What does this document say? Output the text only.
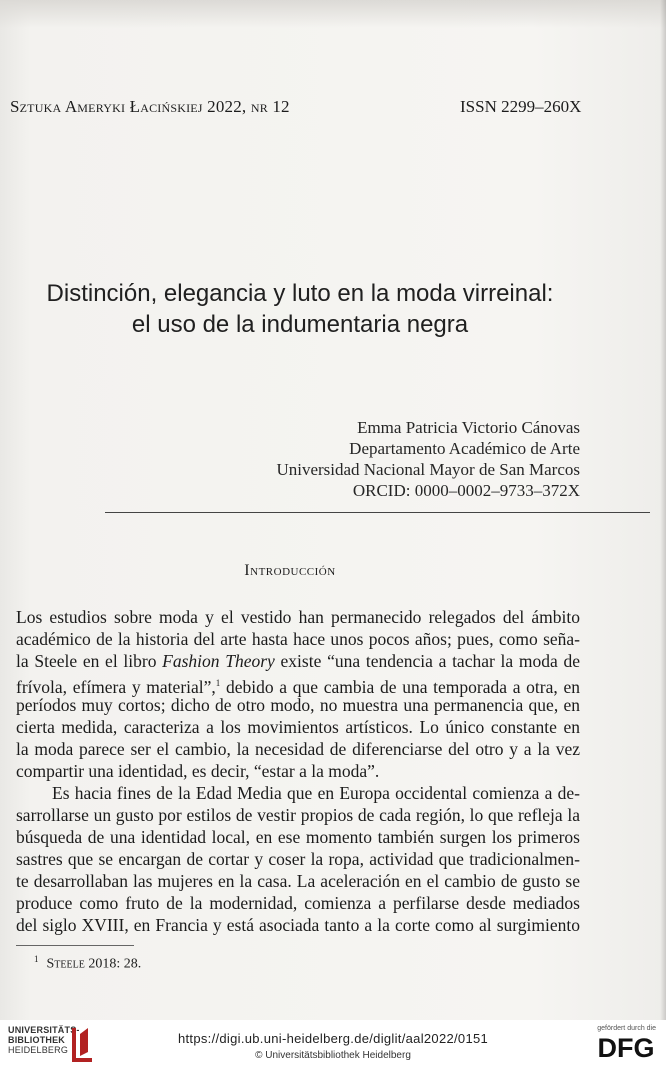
Sztuka Ameryki Łacińskiej 2022, nr 12	ISSN 2299–260X
Distinción, elegancia y luto en la moda virreinal:
el uso de la indumentaria negra
Emma Patricia Victorio Cánovas
Departamento Académico de Arte
Universidad Nacional Mayor de San Marcos
ORCID: 0000–0002–9733–372X
Introducción
Los estudios sobre moda y el vestido han permanecido relegados del ámbito
académico de la historia del arte hasta hace unos pocos años; pues, como seña-
la Steele en el libro Fashion Theory existe “una tendencia a tachar la moda de
frívola, efímera y material”,$^1$ debido a que cambia de una temporada a otra, en
períodos muy cortos; dicho de otro modo, no muestra una permanencia que, en
cierta medida, caracteriza a los movimientos artísticos. Lo único constante en
la moda parece ser el cambio, la necesidad de diferenciarse del otro y a la vez
compartir una identidad, es decir, “estar a la moda”.
Es hacia fines de la Edad Media que en Europa occidental comienza a de-
sarrollarse un gusto por estilos de vestir propios de cada región, lo que refleja la
búsqueda de una identidad local, en ese momento también surgen los primeros
sastres que se encargan de cortar y coser la ropa, actividad que tradicionalmen-
te desarrollaban las mujeres en la casa. La aceleración en el cambio de gusto se
produce como fruto de la modernidad, comienza a perfilarse desde mediados
del siglo XVIII, en Francia y está asociada tanto a la corte como al surgimiento
$^1$ Steele 2018: 28.
UNIVERSITÄTS-
BIBLIOTHEK
HEIDELBERG
https://digi.ub.uni-heidelberg.de/diglit/aal2022/0151
© Universitätsbibliothek Heidelberg
gefördert durch die
DFG
